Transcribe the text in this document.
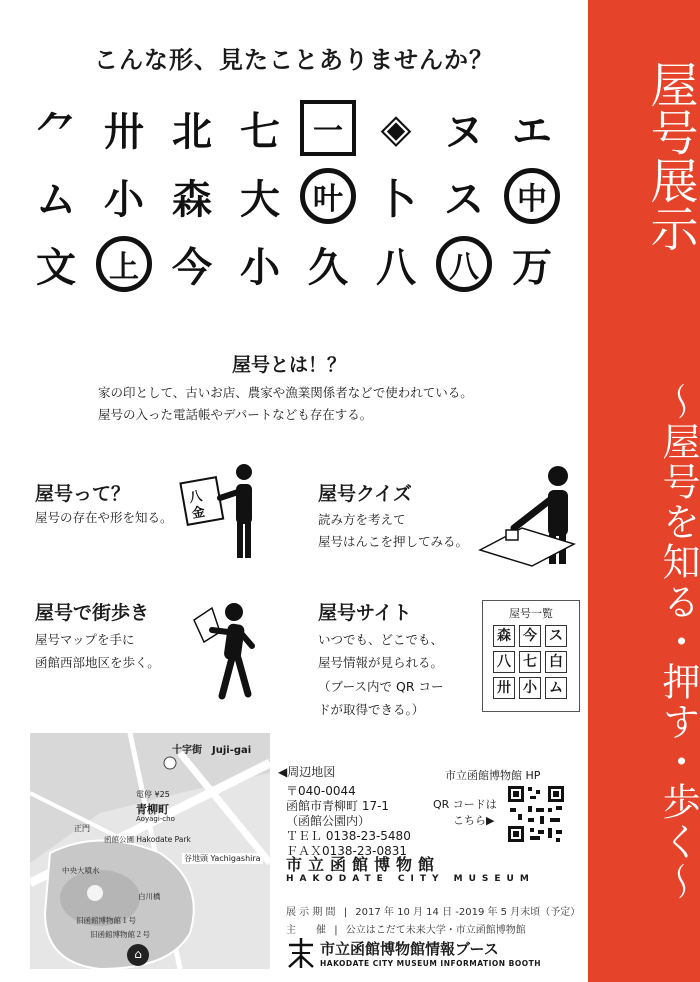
屋号展示
〜屋号を知る・押す・歩く〜
こんな形、見たことありませんか？
⺈ 卅 北 七	一 ◈ ヌ エ
ム 小 森 大	叶 卜 ス	中
文	上 今 小 久 八	八 万
屋号とは！？
家の印として、古いお店、農家や漁業関係者などで使われている。
屋号の入った電話帳やデパートなども存在する。
屋号って？
屋号の存在や形を知る。
八
金
屋号クイズ
読み方を考えて
屋号はんこを押してみる。
屋号で街歩き
屋号マップを手に
函館西部地区を歩く。
屋号サイト
いつでも、どこでも、
屋号情報が見られる。
（ブース内で QR コー
ドが取得できる。）
屋号一覧
森 今 ス
八 七 白
卅 小 ム
十字街　Juji-gai
電停 ¥25
青柳町
Aoyagi-cho
正門
函館公園 Hakodate Park
谷地頭 Yachigashira
中央大噴水
白川橋
旧函館博物館１号
旧函館博物館２号
⌂
◀周辺地図
〒040-0044
函館市青柳町 17-1
（函館公園内）
ＴＥＬ 0138-23-5480
ＦＡＸ0138-23-0831
市立函館博物館 HP
QR コードは
こちら▶
市立函館博物館
HAKODATE CITY MUSEUM
展 示 期 間 | 2017 年 10 月 14 日 -2019 年 5 月末頃（予定）
主　　催 | 公立はこだて未来大学・市立函館博物館
市立函館博物館情報ブース
HAKODATE CITY MUSEUM INFORMATION BOOTH
